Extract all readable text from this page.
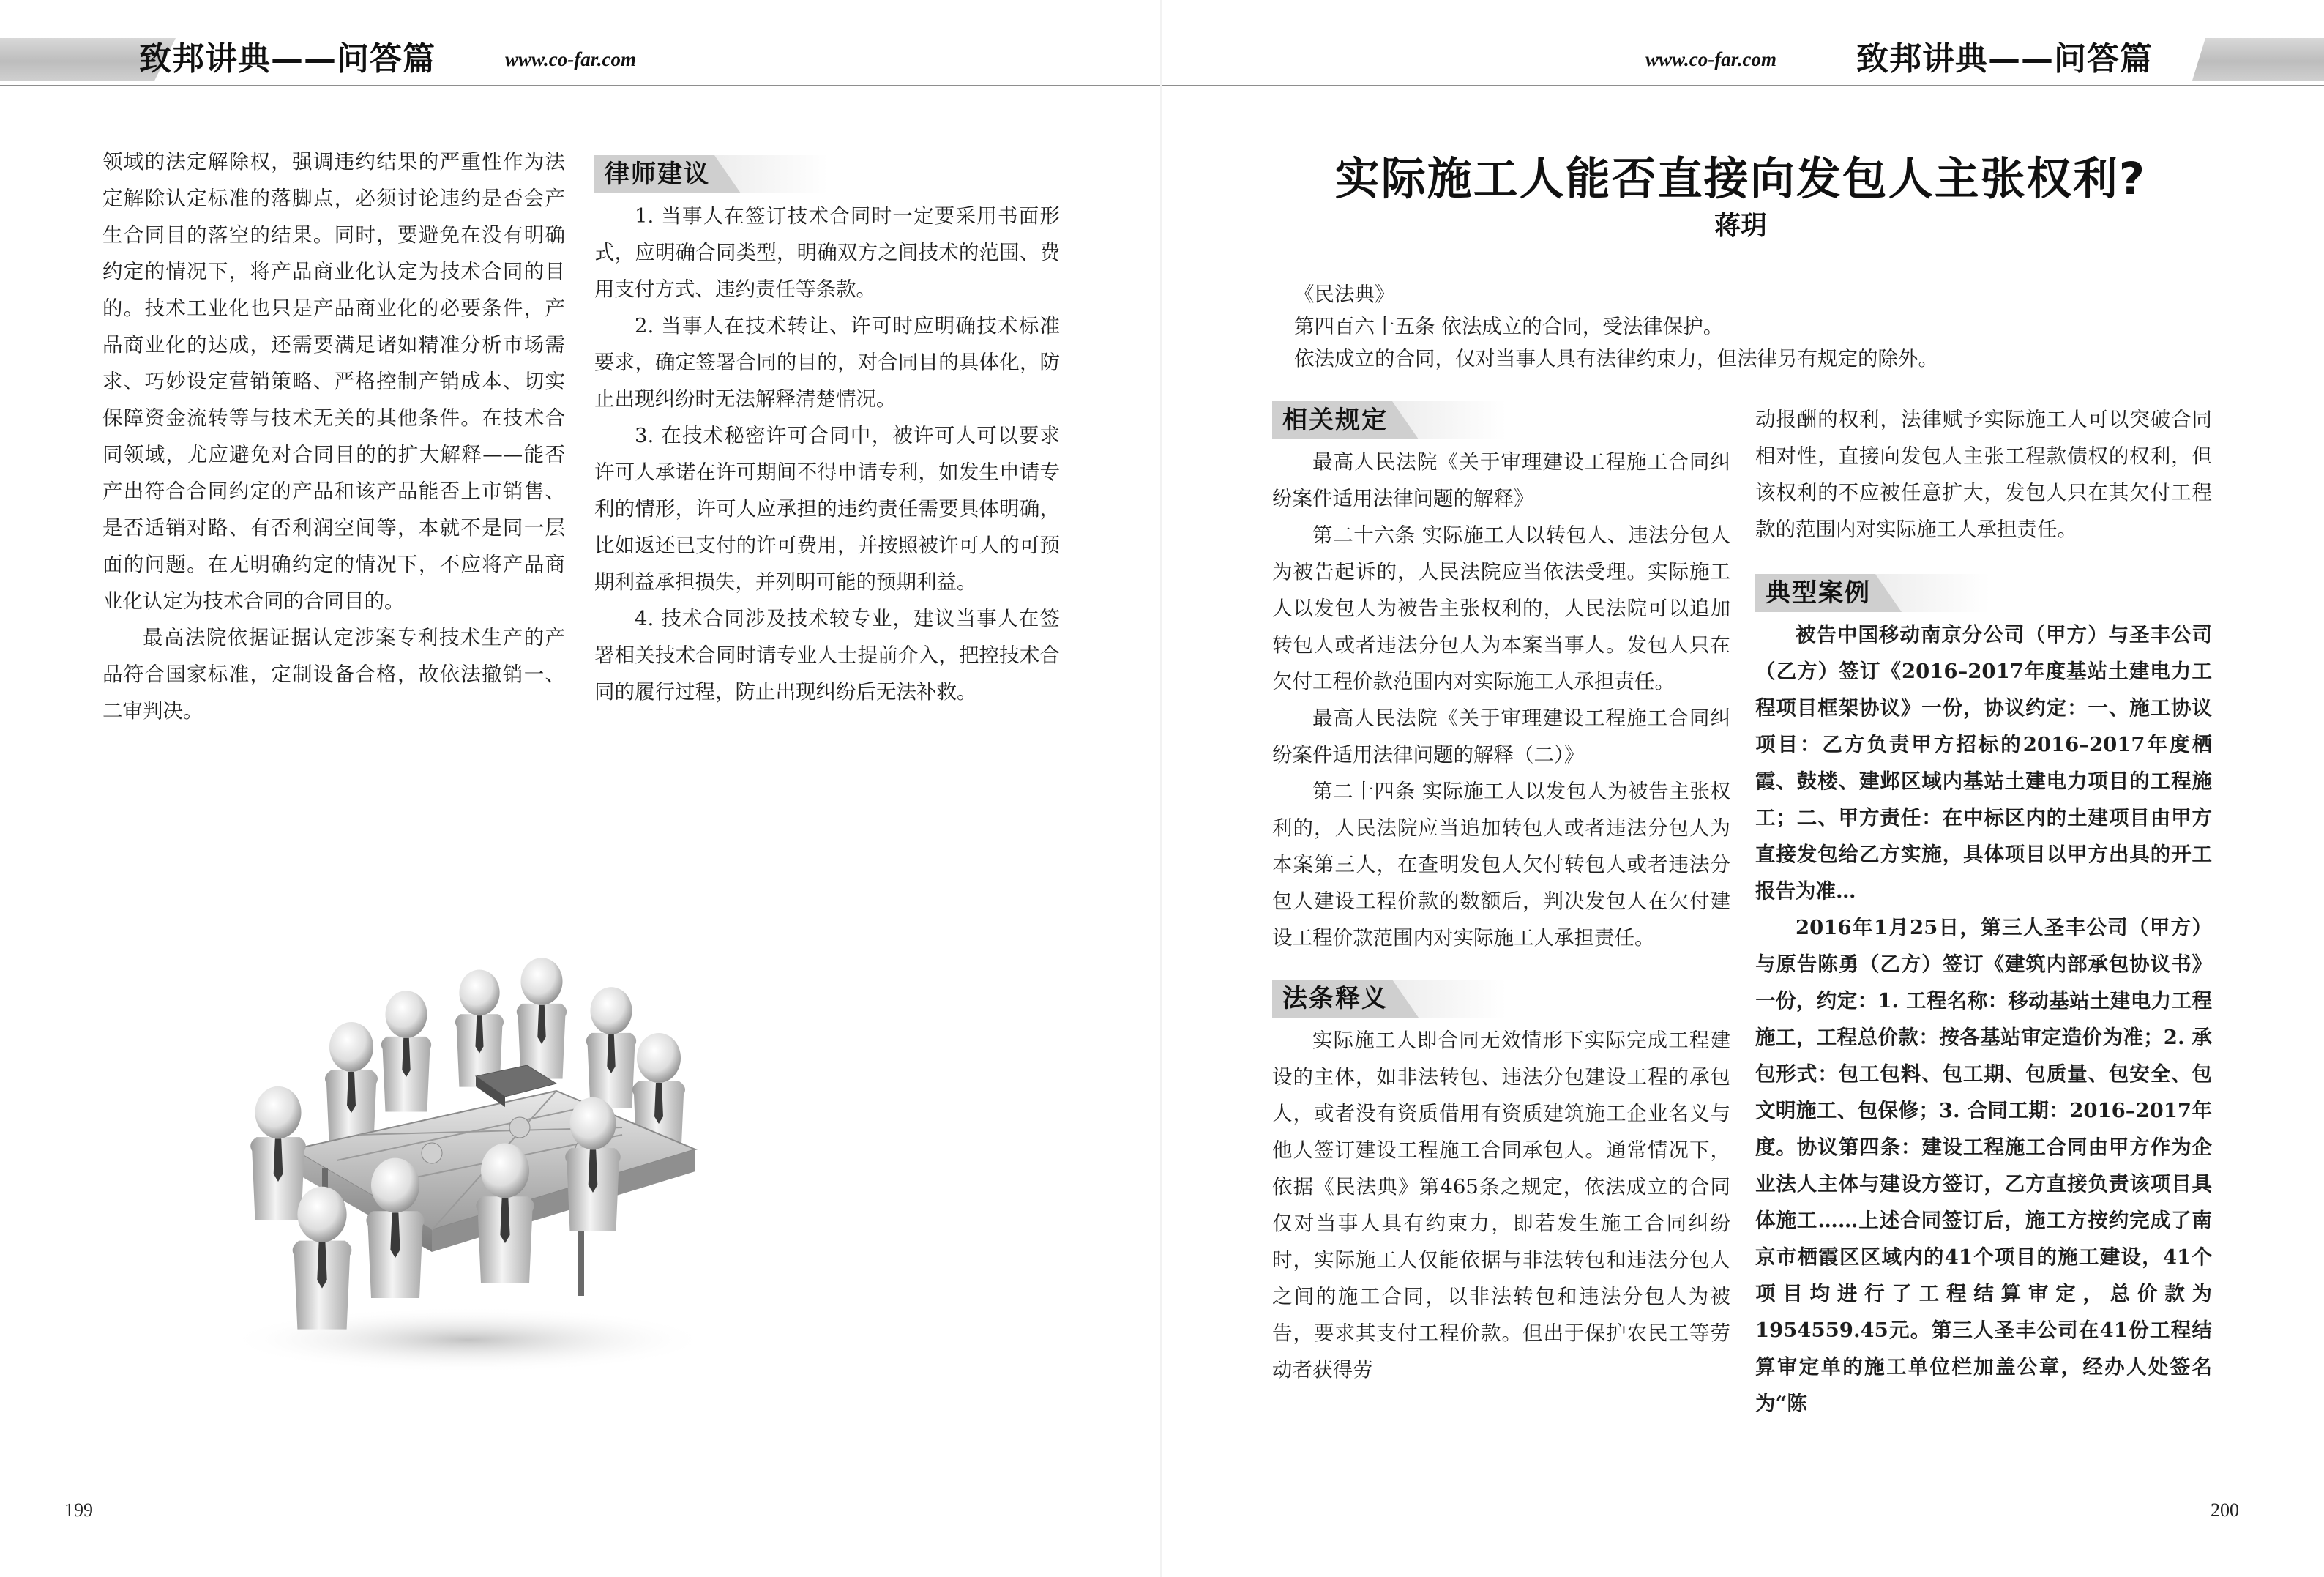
致邦讲典——问答篇	www.co-far.com

领域的法定解除权，强调违约结果的严重性作为法定解除认定标准的落脚点，必须讨论违约是否会产生合同目的落空的结果。同时，要避免在没有明确约定的情况下，将产品商业化认定为技术合同的目的。技术工业化也只是产品商业化的必要条件，产品商业化的达成，还需要满足诸如精准分析市场需求、巧妙设定营销策略、严格控制产销成本、切实保障资金流转等与技术无关的其他条件。在技术合同领域，尤应避免对合同目的的扩大解释——能否产出符合合同约定的产品和该产品能否上市销售、是否适销对路、有否利润空间等，本就不是同一层面的问题。在无明确约定的情况下，不应将产品商业化认定为技术合同的合同目的。

最高法院依据证据认定涉案专利技术生产的产品符合国家标准，定制设备合格，故依法撤销一、二审判决。

律师建议

1. 当事人在签订技术合同时一定要采用书面形式，应明确合同类型，明确双方之间技术的范围、费用支付方式、违约责任等条款。

2. 当事人在技术转让、许可时应明确技术标准要求，确定签署合同的目的，对合同目的具体化，防止出现纠纷时无法解释清楚情况。

3. 在技术秘密许可合同中，被许可人可以要求许可人承诺在许可期间不得申请专利，如发生申请专利的情形，许可人应承担的违约责任需要具体明确，比如返还已支付的许可费用，并按照被许可人的可预期利益承担损失，并列明可能的预期利益。

4. 技术合同涉及技术较专业，建议当事人在签署相关技术合同时请专业人士提前介入，把控技术合同的履行过程，防止出现纠纷后无法补救。

199
www.co-far.com 致邦讲典——问答篇
实际施工人能否直接向发包人主张权利?
蒋玥

《民法典》

第四百六十五条 依法成立的合同，受法律保护。

依法成立的合同，仅对当事人具有法律约束力，但法律另有规定的除外。

相关规定

最高人民法院《关于审理建设工程施工合同纠纷案件适用法律问题的解释》

第二十六条 实际施工人以转包人、违法分包人为被告起诉的，人民法院应当依法受理。实际施工人以发包人为被告主张权利的，人民法院可以追加转包人或者违法分包人为本案当事人。发包人只在欠付工程价款范围内对实际施工人承担责任。

最高人民法院《关于审理建设工程施工合同纠纷案件适用法律问题的解释（二）》

第二十四条 实际施工人以发包人为被告主张权利的，人民法院应当追加转包人或者违法分包人为本案第三人，在查明发包人欠付转包人或者违法分包人建设工程价款的数额后，判决发包人在欠付建设工程价款范围内对实际施工人承担责任。

法条释义

实际施工人即合同无效情形下实际完成工程建设的主体，如非法转包、违法分包建设工程的承包人，或者没有资质借用有资质建筑施工企业名义与他人签订建设工程施工合同承包人。通常情况下，依据《民法典》第465条之规定，依法成立的合同仅对当事人具有约束力，即若发生施工合同纠纷时，实际施工人仅能依据与非法转包和违法分包人之间的施工合同，以非法转包和违法分包人为被告，要求其支付工程价款。但出于保护农民工等劳动者获得劳

动报酬的权利，法律赋予实际施工人可以突破合同相对性，直接向发包人主张工程款债权的权利，但该权利的不应被任意扩大，发包人只在其欠付工程款的范围内对实际施工人承担责任。

典型案例

被告中国移动南京分公司（甲方）与圣丰公司（乙方）签订《2016–2017年度基站土建电力工程项目框架协议》一份，协议约定：一、施工协议项目：乙方负责甲方招标的2016–2017年度栖霞、鼓楼、建邺区域内基站土建电力项目的工程施工；二、甲方责任：在中标区内的土建项目由甲方直接发包给乙方实施，具体项目以甲方出具的开工报告为准…

2016年1月25日，第三人圣丰公司（甲方）与原告陈勇（乙方）签订《建筑内部承包协议书》一份，约定：1. 工程名称：移动基站土建电力工程施工，工程总价款：按各基站审定造价为准；2. 承包形式：包工包料、包工期、包质量、包安全、包文明施工、包保修；3. 合同工期：2016–2017年度。协议第四条：建设工程施工合同由甲方作为企业法人主体与建设方签订，乙方直接负责该项目具体施工……上述合同签订后，施工方按约完成了南京市栖霞区区域内的41个项目的施工建设，41个项目均进行了工程结算审定，总价款为1954559.45元。第三人圣丰公司在41份工程结算审定单的施工单位栏加盖公章，经办人处签名为“陈

200
